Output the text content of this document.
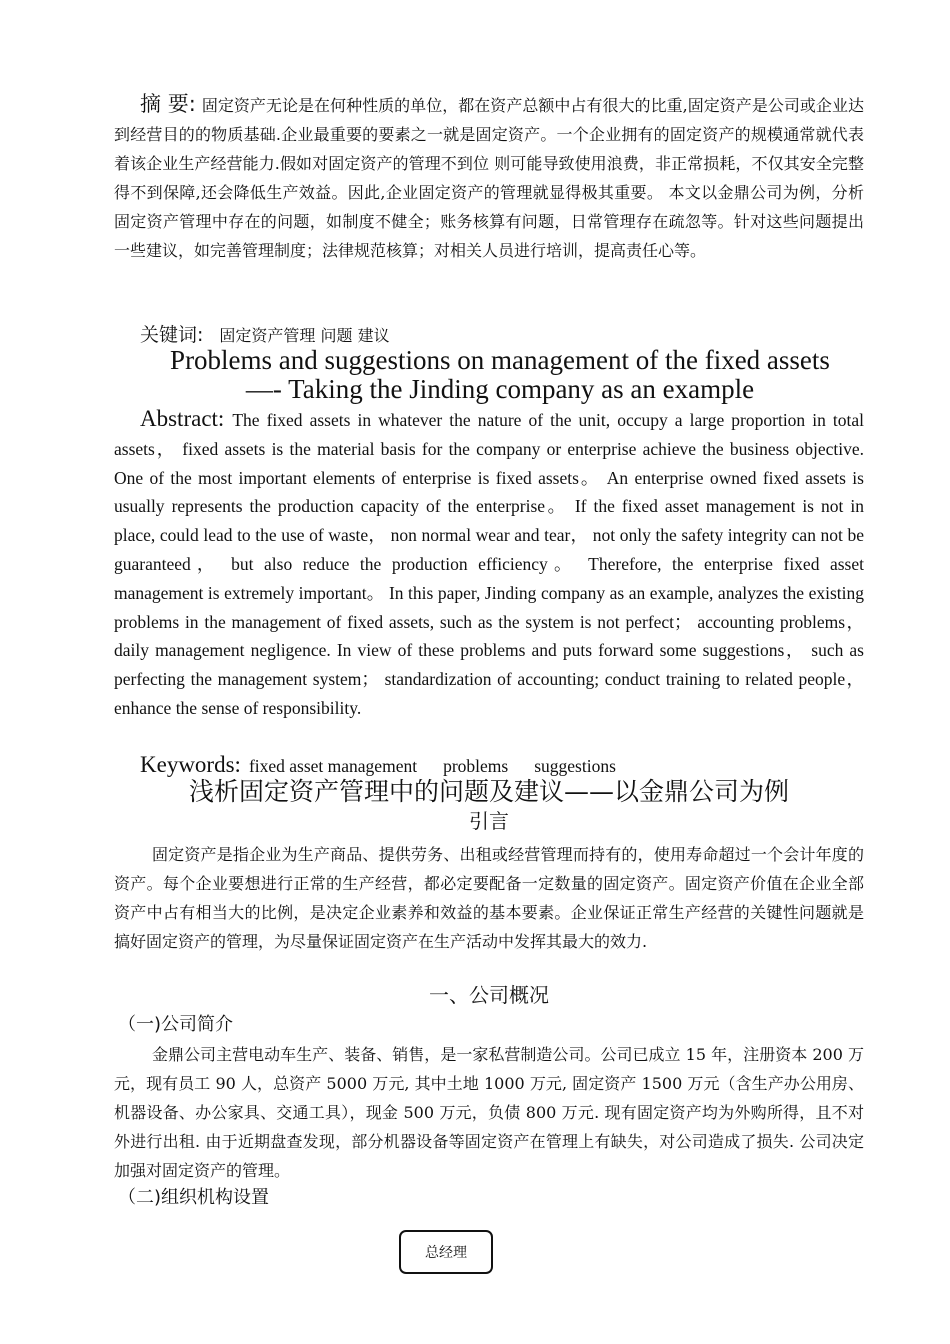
摘 要: 固定资产无论是在何种性质的单位，都在资产总额中占有很大的比重,固定资产是公司或企业达到经营目的的物质基础.企业最重要的要素之一就是固定资产。一个企业拥有的固定资产的规模通常就代表着该企业生产经营能力.假如对固定资产的管理不到位 则可能导致使用浪费，非正常损耗，不仅其安全完整得不到保障,还会降低生产效益。因此,企业固定资产的管理就显得极其重要。 本文以金鼎公司为例，分析固定资产管理中存在的问题，如制度不健全；账务核算有问题，日常管理存在疏忽等。针对这些问题提出一些建议，如完善管理制度；法律规范核算；对相关人员进行培训，提高责任心等。
关键词: 固定资产管理 问题 建议
Problems and suggestions on management of the fixed assets
—- Taking the Jinding company as an example
Abstract: The fixed assets in whatever the nature of the unit, occupy a large proportion in total assets， fixed assets is the material basis for the company or enterprise achieve the business objective. One of the most important elements of enterprise is fixed assets。 An enterprise owned fixed assets is usually represents the production capacity of the enterprise。 If the fixed asset management is not in place, could lead to the use of waste， non normal wear and tear， not only the safety integrity can not be guaranteed， but also reduce the production efficiency。 Therefore, the enterprise fixed asset management is extremely important。 In this paper, Jinding company as an example, analyzes the existing problems in the management of fixed assets, such as the system is not perfect； accounting problems， daily management negligence. In view of these problems and puts forward some suggestions， such as perfecting the management system； standardization of accounting; conduct training to related people， enhance the sense of responsibility.
Keywords: fixed asset management problems suggestions
浅析固定资产管理中的问题及建议——以金鼎公司为例
引言
固定资产是指企业为生产商品、提供劳务、出租或经营管理而持有的，使用寿命超过一个会计年度的资产。每个企业要想进行正常的生产经营，都必定要配备一定数量的固定资产。固定资产价值在企业全部资产中占有相当大的比例，是决定企业素养和效益的基本要素。企业保证正常生产经营的关键性问题就是搞好固定资产的管理，为尽量保证固定资产在生产活动中发挥其最大的效力.
一、公司概况
（一)公司简介
金鼎公司主营电动车生产、装备、销售，是一家私营制造公司。公司已成立 15 年，注册资本 200 万元，现有员工 90 人，总资产 5000 万元, 其中土地 1000 万元, 固定资产 1500 万元（含生产办公用房、机器设备、办公家具、交通工具），现金 500 万元，负债 800 万元. 现有固定资产均为外购所得，且不对外进行出租. 由于近期盘查发现，部分机器设备等固定资产在管理上有缺失，对公司造成了损失. 公司决定加强对固定资产的管理。
（二)组织机构设置
总经理
